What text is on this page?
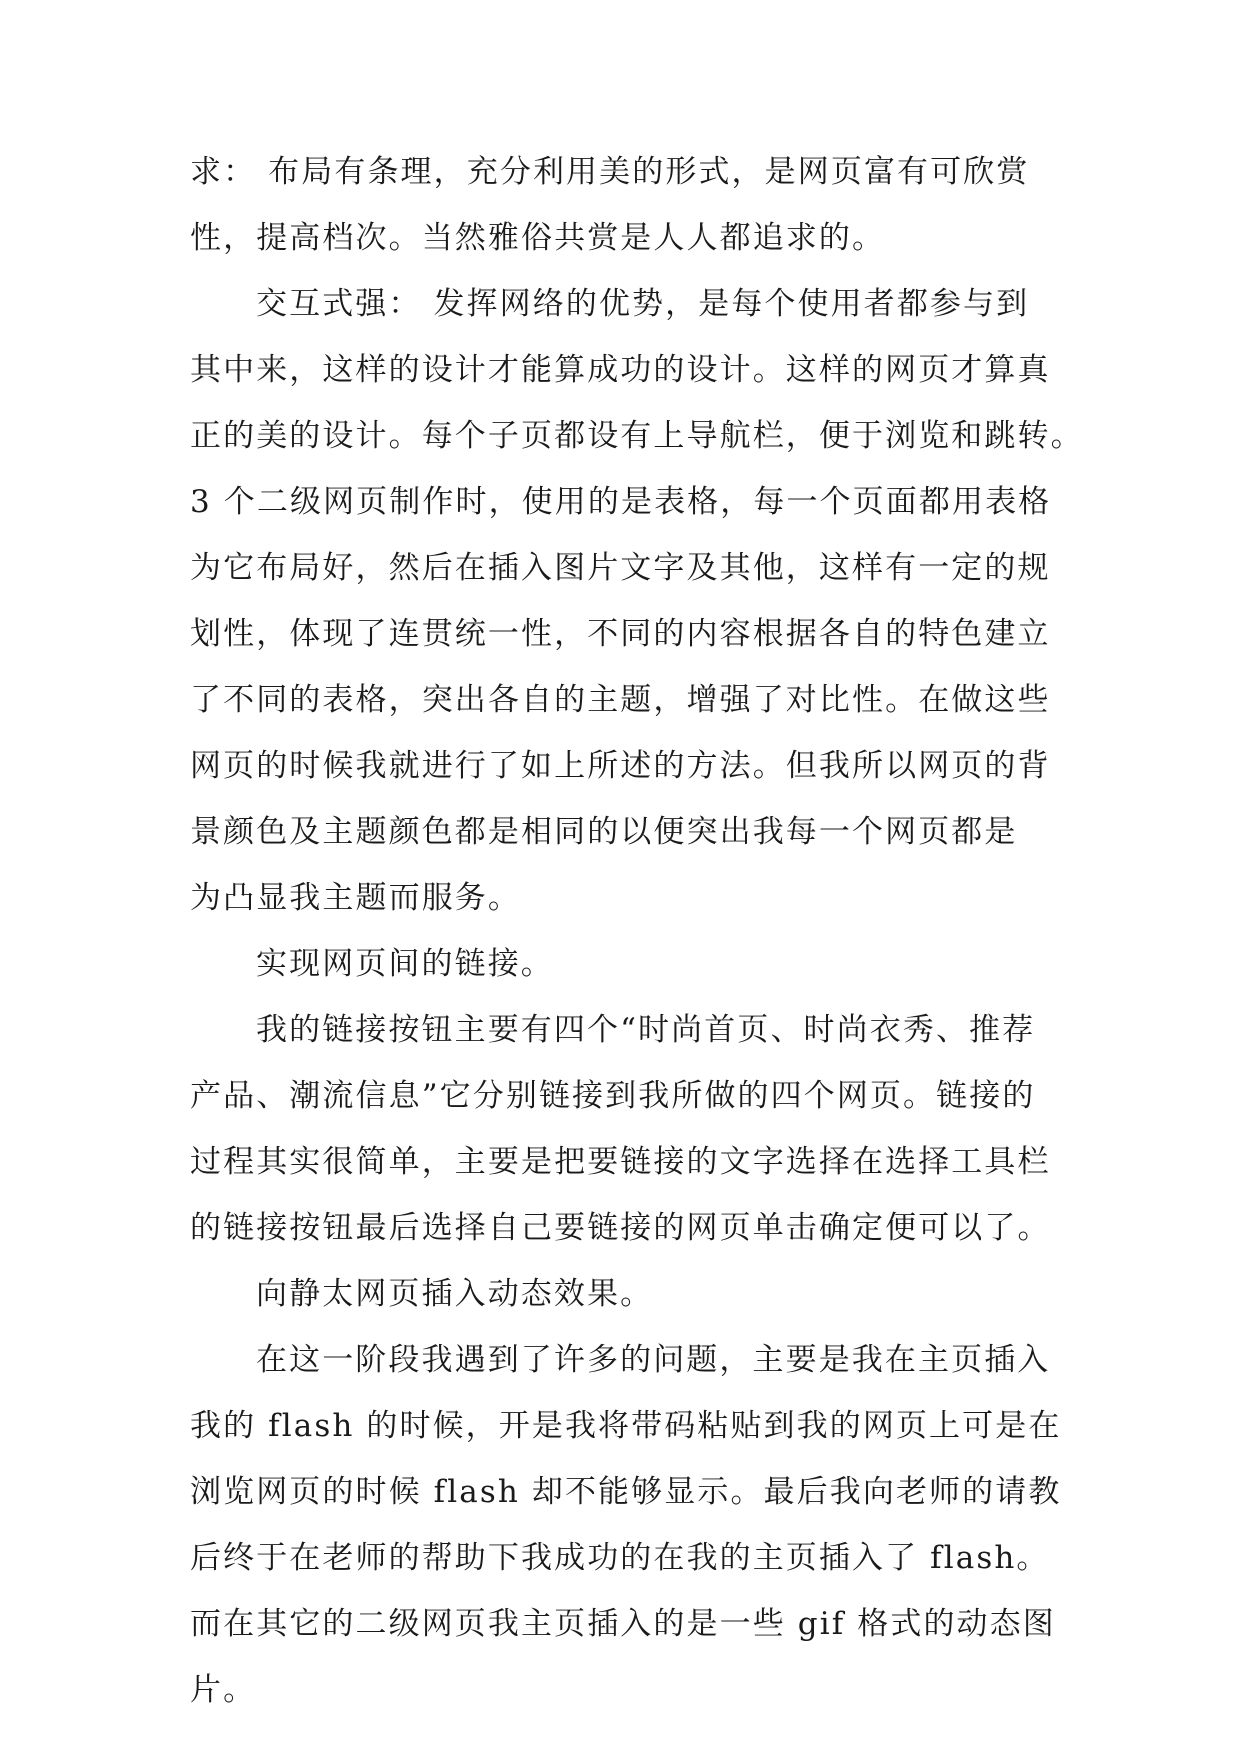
求： 布局有条理，充分利用美的形式，是网页富有可欣赏
性，提高档次。当然雅俗共赏是人人都追求的。
交互式强： 发挥网络的优势，是每个使用者都参与到
其中来，这样的设计才能算成功的设计。这样的网页才算真
正的美的设计。每个子页都设有上导航栏，便于浏览和跳转。
3 个二级网页制作时，使用的是表格，每一个页面都用表格
为它布局好，然后在插入图片文字及其他，这样有一定的规
划性，体现了连贯统一性，不同的内容根据各自的特色建立
了不同的表格，突出各自的主题，增强了对比性。在做这些
网页的时候我就进行了如上所述的方法。但我所以网页的背
景颜色及主题颜色都是相同的以便突出我每一个网页都是
为凸显我主题而服务。
实现网页间的链接。
我的链接按钮主要有四个“时尚首页、时尚衣秀、推荐
产品、潮流信息”它分别链接到我所做的四个网页。链接的
过程其实很简单，主要是把要链接的文字选择在选择工具栏
的链接按钮最后选择自己要链接的网页单击确定便可以了。
向静太网页插入动态效果。
在这一阶段我遇到了许多的问题，主要是我在主页插入
我的 flash 的时候，开是我将带码粘贴到我的网页上可是在
浏览网页的时候 flash 却不能够显示。最后我向老师的请教
后终于在老师的帮助下我成功的在我的主页插入了 flash。
而在其它的二级网页我主页插入的是一些 gif 格式的动态图
片。
